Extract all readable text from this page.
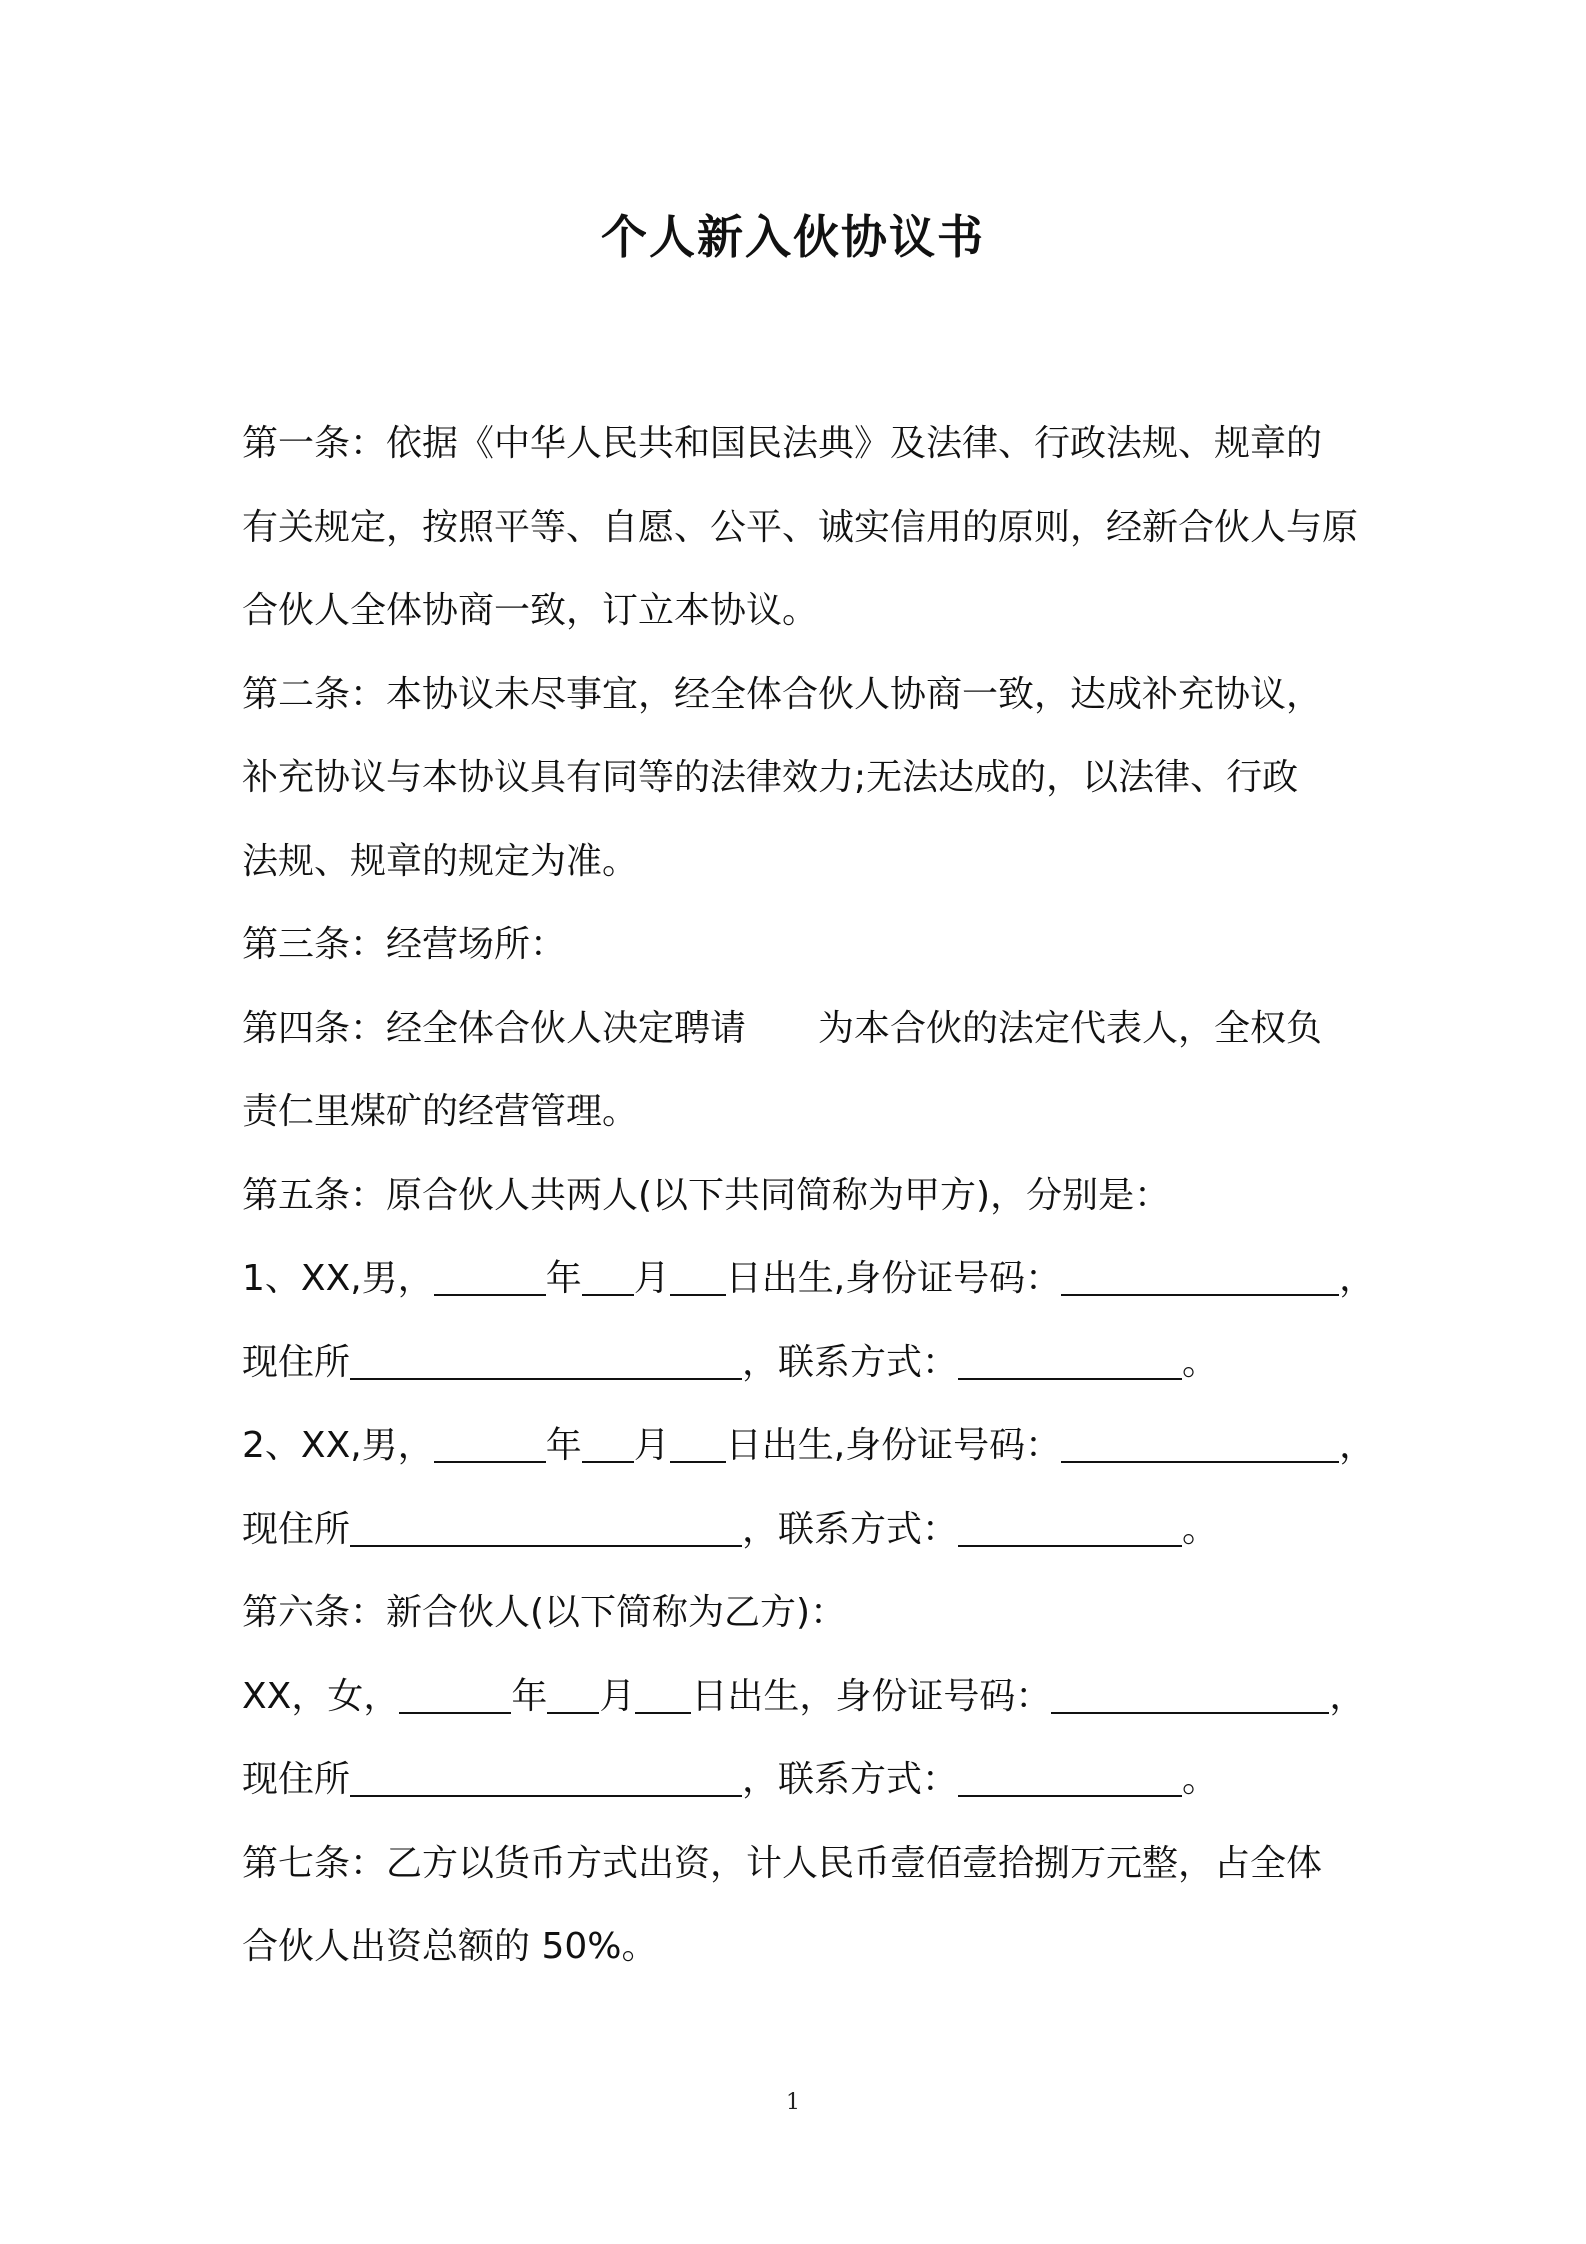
个人新入伙协议书
第一条：依据《中华人民共和国民法典》及法律、行政法规、规章的
有关规定，按照平等、自愿、公平、诚实信用的原则，经新合伙人与原
合伙人全体协商一致，订立本协议。
第二条：本协议未尽事宜，经全体合伙人协商一致，达成补充协议，
补充协议与本协议具有同等的法律效力;无法达成的，以法律、行政
法规、规章的规定为准。
第三条：经营场所：
第四条：经全体合伙人决定聘请 为本合伙的法定代表人，全权负
责仁里煤矿的经营管理。
第五条：原合伙人共两人(以下共同简称为甲方)，分别是：
1、XX,男，	年 月 日出生,身份证号码：	，
现住所	，联系方式：	。
2、XX,男，	年 月 日出生,身份证号码：	，
现住所	，联系方式：	。
第六条：新合伙人(以下简称为乙方)：
XX，女，	年 月 日出生，身份证号码：	，
现住所	，联系方式：	。
第七条：乙方以货币方式出资，计人民币壹佰壹拾捌万元整，占全体
合伙人出资总额的 50%。
1
